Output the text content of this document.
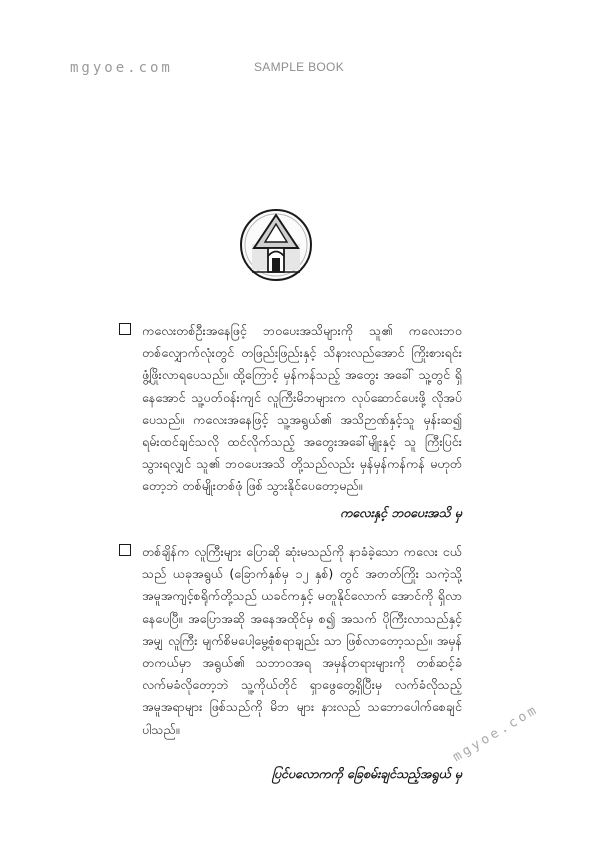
mgyoe.com	SAMPLE BOOK
ကလေးတစ်ဦးအနေဖြင့် ဘဝပေးအသိများကို သူ၏ ကလေးဘဝ တစ်လျှောက်လုံးတွင် တဖြည်းဖြည်းနှင့် သိနားလည်အောင် ကြိုးစားရင်း ဖွံ့ဖြိုးလာရပေသည်။ ထို့ကြောင့် မှန်ကန်သည့် အတွေး အခေါ် သူ့တွင် ရှိနေအောင် သူ့ပတ်ဝန်းကျင် လူကြီးမိဘများက လုပ်ဆောင်ပေးဖို့ လိုအပ်ပေသည်။ ကလေးအနေဖြင့် သူ့အရွယ်၏ အသိဉာဏ်နှင့်သူ မှန်းဆ၍ ရမ်းထင်ချင်သလို ထင်လိုက်သည့် အတွေးအခေါ်မျိုးနှင့် သူ ကြီးပြင်းသွားရလျှင် သူ၏ ဘဝပေးအသိ တို့သည်လည်း မှန်မှန်ကန်ကန် မဟုတ်တော့ဘဲ တစ်မျိုးတစ်ဖုံ ဖြစ် သွားနိုင်ပေတော့မည်။
ကလေးနှင့် ဘဝပေးအသိ မှ
တစ်ချိန်က လူကြီးများ ပြောဆို ဆုံးမသည်ကို နာခံခဲ့သော ကလေး ငယ်သည် ယခုအရွယ် (ခြောက်နှစ်မှ ၁၂ နှစ်) တွင် အတတ်ကြိုး သကဲ့သို့ အမူအကျင့်စရိုက်တို့သည် ယခင်ကနှင့် မတူနိုင်လောက် အောင်ကို ရှိလာနေပေပြီ။ အပြောအဆို အနေအထိုင်မှ စ၍ အသက် ပိုကြီးလာသည်နှင့်အမျှ လူကြီး မျက်စိမပေါ့မွေ့စုံစရာချည်း သာ ဖြစ်လာတော့သည်။ အမှန်တကယ်မှာ အရွယ်၏ သဘာဝအရ အမှန်တရားများကို တစ်ဆင့်ခံ လက်မခံလိုတော့ဘဲ သူ့ကိုယ်တိုင် ရှာဖွေတွေ့ရှိပြီးမှ လက်ခံလိုသည့် အမူအရာများ ဖြစ်သည်ကို မိဘ များ နားလည် သဘောပေါက်စေချင်ပါသည်။
ပြင်ပလောကကို ခြေစမ်းချင်သည့်အရွယ် မှ
mgyoe.com
